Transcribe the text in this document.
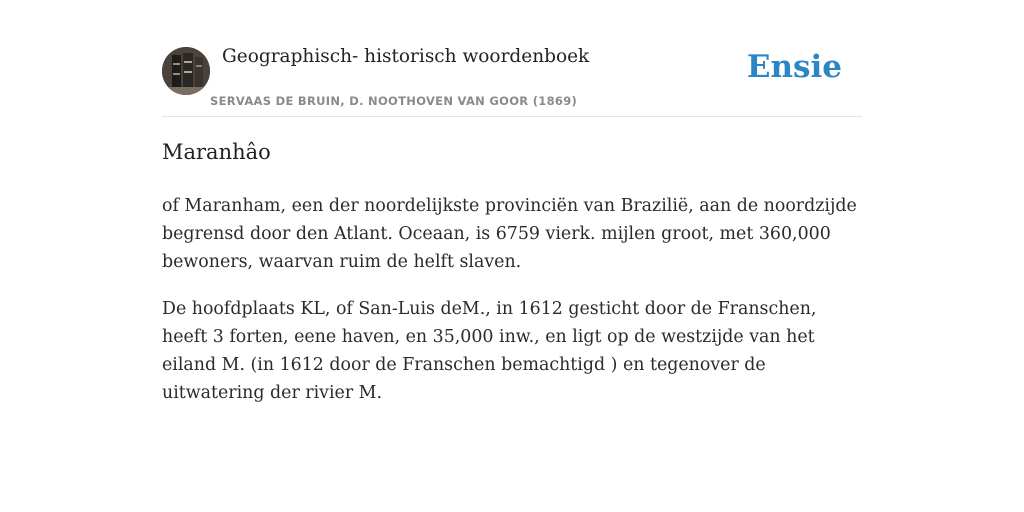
Geographisch- historisch woordenboek
SERVAAS DE BRUIN, D. NOOTHOVEN VAN GOOR (1869)
Ensie
Maranhâo

of Maranham, een der noordelijkste provinciën van Brazilië, aan de noordzijde begrensd door den Atlant. Oceaan, is 6759 vierk. mijlen groot, met 360,000 bewoners, waarvan ruim de helft slaven.

De hoofdplaats KL, of San-Luis deM., in 1612 gesticht door de Franschen, heeft 3 forten, eene haven, en 35,000 inw., en ligt op de westzijde van het eiland M. (in 1612 door de Franschen bemachtigd ) en tegenover de uitwatering der rivier M.
